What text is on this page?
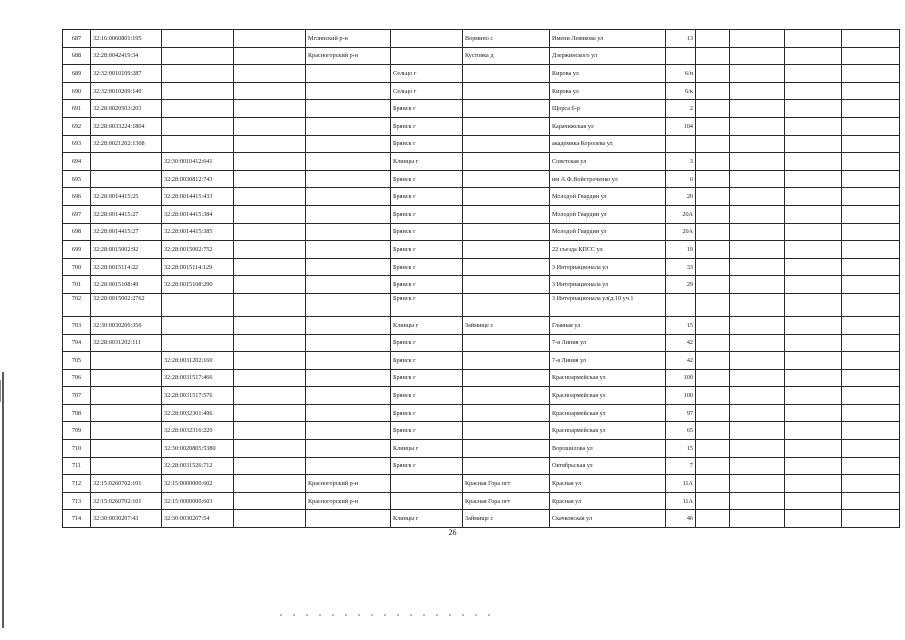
687	32:16:0060801:195			Мглинский р-н		Вормино с	Имени Левикова ул	13				
688	32:28:0042419:34			Красногорский р-н		Кустовка д	Дзержинского ул					
689	32:32:0010109:287				Сельцо г		Кирова ул	6/н				
690	32:32:0010209:140				Сельцо г		Кирова ул	6/к				
691	32:28:0020503:203				Брянск г		Щорса б-р	2				
692	32:28:0033224:1804				Брянск г		Карачижская ул	104				
693	32:28:0021202:1308				Брянск г		академика Королева ул					
694		32:30:0010412:641			Клинцы г		Советская ул	3				
695		32:28:0030812:743			Брянск г		им А.Ф.Войстроченко ул	6				
696	32:28:0014415:25	32:28:0014415:433			Брянск г		Молодой Гвардии ул	20				
697	32:28:0014415:27	32:28:0014415:384			Брянск г		Молодой Гвардии ул	20А				
698	32:28:0014415:27	32:28:0014415:385			Брянск г		Молодой Гвардии ул	20А				
699	32:28:0015002:92	32:28:0015002:752			Брянск г		22 съезда КПСС ул	19				
700	32:28:0015114:22	32:28:0015114:129			Брянск г		3 Интернационала ул	33				
701	32:28:0015108:49	32:28:0015108:290			Брянск г		3 Интернационала ул	29				
702	32:28:0015002:2762				Брянск г		3 Интернационала ул(д.10 уч.1					
703	32:30:0030206:356				Клинцы г	Займище с	Главная ул	15				
704	32:28:0031202:111				Брянск г		7-я Линия ул	42				
705		32:28:0031202:160			Брянск г		7-я Линия ул	42				
706		32:28:0031517:466			Брянск г		Красноармейская ул	100				
707		32:28:0031517:576			Брянск г		Красноармейская ул	100				
708		32:28:0032301:496			Брянск г		Красноармейская ул	97				
709		32:28:0032316:220			Брянск г		Красноармейская ул	65				
710		32:30:0020805:5380			Клинцы г		Ворошилова ул	15				
711		32:28:0031526:712			Брянск г		Октябрьская ул	7				
712	32:15:0260702:101	32:15:0000000:602		Красногорский р-н		Красная Гора пгт	Красная ул	11А				
713	32:15:0260702:101	32:15:0000000:603		Красногорский р-н		Красная Гора пгт	Красная ул	11А				
714	32:30:0030207:43	32:30:0030207:54			Клинцы г	Займище с	Скачковская ул	46				
26
